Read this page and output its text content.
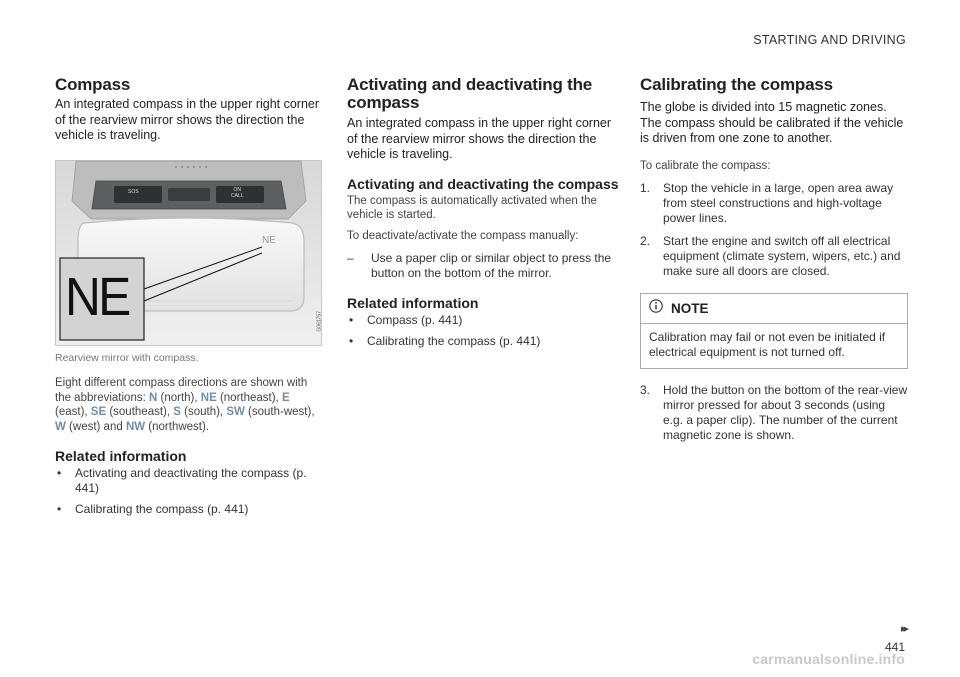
STARTING AND DRIVING
Compass

An integrated compass in the upper right corner of the rearview mirror shows the direction the vehicle is traveling.

SOS	ON
CALL
NE
NE	G061757

Rearview mirror with compass.

Eight different compass directions are shown with the abbreviations: N (north), NE (northeast), E (east), SE (southeast), S (south), SW (south-west), W (west) and NW (northwest).

Related information
• Activating and deactivating the compass (p. 441)
• Calibrating the compass (p. 441)
Activating and deactivating the compass

An integrated compass in the upper right corner of the rearview mirror shows the direction the vehicle is traveling.

Activating and deactivating the compass

The compass is automatically activated when the vehicle is started.

To deactivate/activate the compass manually:

– Use a paper clip or similar object to press the button on the bottom of the mirror.
Related information
• Compass (p. 441)
• Calibrating the compass (p. 441)
Calibrating the compass

The globe is divided into 15 magnetic zones. The compass should be calibrated if the vehicle is driven from one zone to another.

To calibrate the compass:

1. Stop the vehicle in a large, open area away from steel constructions and high-voltage power lines.
2. Start the engine and switch off all electrical equipment (climate system, wipers, etc.) and make sure all doors are closed.
NOTE
Calibration may fail or not even be initiated if electrical equipment is not turned off.
3. Hold the button on the bottom of the rear-view mirror pressed for about 3 seconds (using e.g. a paper clip). The number of the current magnetic zone is shown.
▸▸
441
carmanualsonline.info
